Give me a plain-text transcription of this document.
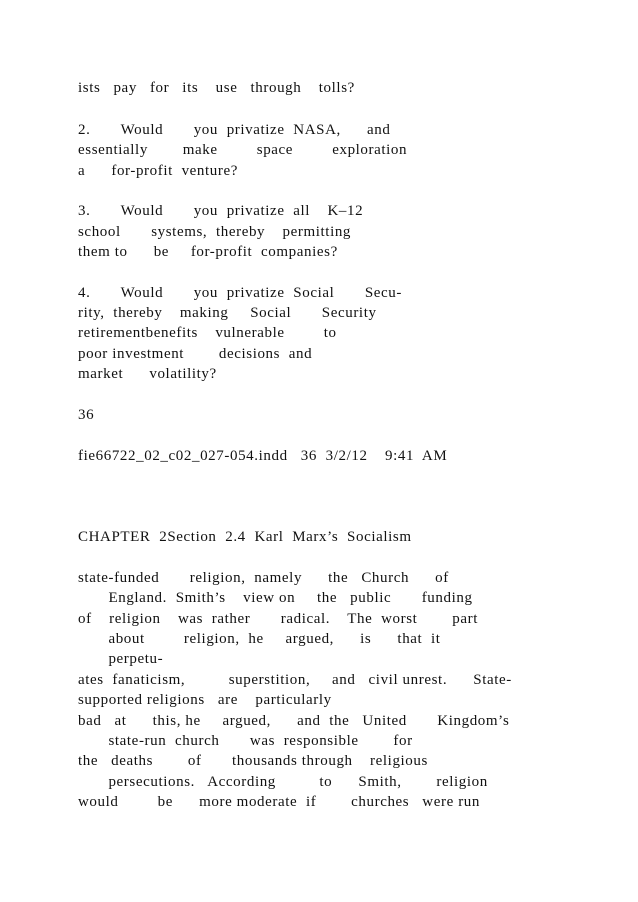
ists   pay   for   its    use   through    tolls?

2.       Would       you  privatize  NASA,      and

essentially        make         space         exploration

a      for-profit  venture?

3.       Would       you  privatize  all    K–12

school       systems,  thereby    permitting

them to      be     for-profit  companies?

4.       Would       you  privatize  Social       Secu-

rity,  thereby    making     Social       Security

retirementbenefits    vulnerable         to

poor investment        decisions  and

market      volatility?

36

fie66722_02_c02_027-054.indd   36  3/2/12    9:41  AM

CHAPTER  2Section  2.4  Karl  Marx’s  Socialism

state-funded       religion,  namely      the   Church      of

England.  Smith’s    view on     the   public       funding

of    religion    was  rather       radical.    The  worst        part

about         religion,  he     argued,      is      that  it

perpetu-

ates  fanaticism,          superstition,     and   civil unrest.      State-

supported religions   are    particularly

bad   at      this, he     argued,      and  the   United       Kingdom’s

state-run  church       was  responsible        for

the   deaths        of       thousands through    religious

persecutions.   According          to      Smith,        religion

would         be      more moderate  if        churches   were run
